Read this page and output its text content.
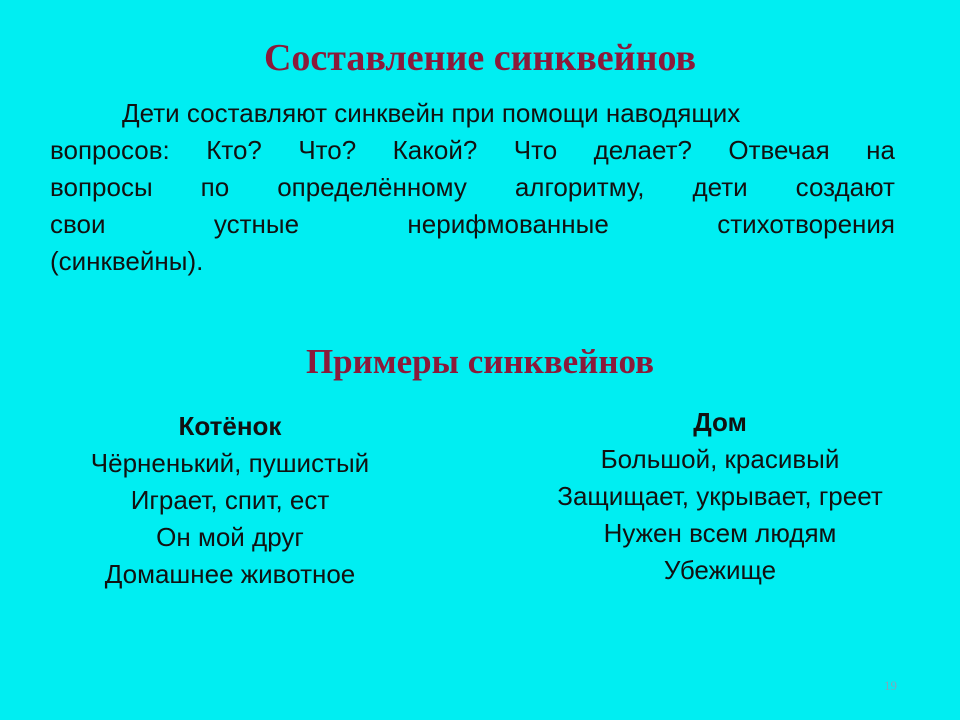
Составление синквейнов
Дети составляют синквейн при помощи наводящих
вопросов: Кто? Что? Какой? Что делает? Отвечая на
вопросы по определённому алгоритму, дети создают
свои	устные	нерифмованные	стихотворения
(синквейны).
Примеры синквейнов
Котёнок
Чёрненький, пушистый
Играет, спит, ест
Он мой друг
Домашнее животное
Дом
Большой, красивый
Защищает, укрывает, греет
Нужен всем людям
Убежище
19
